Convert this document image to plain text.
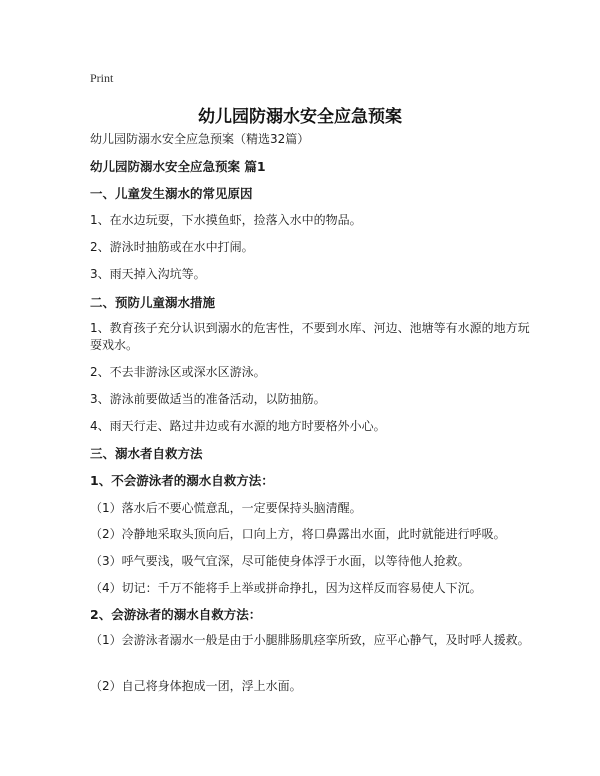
Print
幼儿园防溺水安全应急预案
幼儿园防溺水安全应急预案（精选32篇）
幼儿园防溺水安全应急预案 篇1
一、儿童发生溺水的常见原因
1、在水边玩耍，下水摸鱼虾，捡落入水中的物品。
2、游泳时抽筋或在水中打闹。
3、雨天掉入沟坑等。
二、预防儿童溺水措施
1、教育孩子充分认识到溺水的危害性，不要到水库、河边、池塘等有水源的地方玩耍戏水。
2、不去非游泳区或深水区游泳。
3、游泳前要做适当的准备活动，以防抽筋。
4、雨天行走、路过井边或有水源的地方时要格外小心。
三、溺水者自救方法
1、不会游泳者的溺水自救方法：
（1）落水后不要心慌意乱，一定要保持头脑清醒。
（2）冷静地采取头顶向后，口向上方，将口鼻露出水面，此时就能进行呼吸。
（3）呼气要浅，吸气宜深，尽可能使身体浮于水面，以等待他人抢救。
（4）切记：千万不能将手上举或拼命挣扎，因为这样反而容易使人下沉。
2、会游泳者的溺水自救方法：
（1）会游泳者溺水一般是由于小腿腓肠肌痉挛所致，应平心静气，及时呼人援救。
（2）自己将身体抱成一团，浮上水面。
